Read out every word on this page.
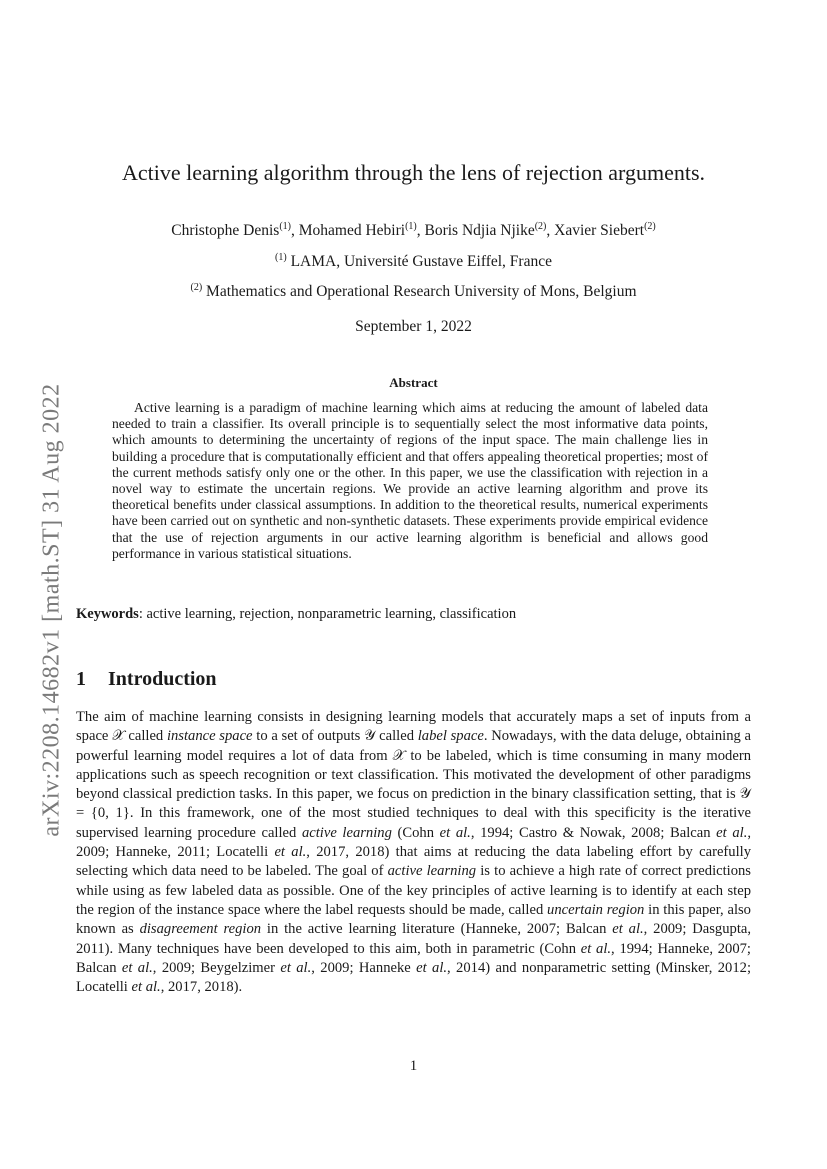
arXiv:2208.14682v1 [math.ST] 31 Aug 2022
Active learning algorithm through the lens of rejection arguments.
Christophe Denis$^{(1)}$, Mohamed Hebiri$^{(1)}$, Boris Ndjia Njike$^{(2)}$, Xavier Siebert$^{(2)}$
$^{(1)}$ LAMA, Université Gustave Eiffel, France
$^{(2)}$ Mathematics and Operational Research University of Mons, Belgium
September 1, 2022
Abstract
Active learning is a paradigm of machine learning which aims at reducing the amount of labeled data needed to train a classifier. Its overall principle is to sequentially select the most informative data points, which amounts to determining the uncertainty of regions of the input space. The main challenge lies in building a procedure that is computationally efficient and that offers appealing theoretical properties; most of the current methods satisfy only one or the other. In this paper, we use the classification with rejection in a novel way to estimate the uncertain regions. We provide an active learning algorithm and prove its theoretical benefits under classical assumptions. In addition to the theoretical results, numerical experiments have been carried out on synthetic and non-synthetic datasets. These experiments provide empirical evidence that the use of rejection arguments in our active learning algorithm is beneficial and allows good performance in various statistical situations.
Keywords: active learning, rejection, nonparametric learning, classification
1 Introduction
The aim of machine learning consists in designing learning models that accurately maps a set of inputs from a space 𝒳 called instance space to a set of outputs 𝒴 called label space. Nowadays, with the data deluge, obtaining a powerful learning model requires a lot of data from 𝒳 to be labeled, which is time consuming in many modern applications such as speech recognition or text classification. This motivated the development of other paradigms beyond classical prediction tasks. In this paper, we focus on prediction in the binary classification setting, that is 𝒴 = {0, 1}. In this framework, one of the most studied techniques to deal with this specificity is the iterative supervised learning procedure called active learning (Cohn et al., 1994; Castro & Nowak, 2008; Balcan et al., 2009; Hanneke, 2011; Locatelli et al., 2017, 2018) that aims at reducing the data labeling effort by carefully selecting which data need to be labeled. The goal of active learning is to achieve a high rate of correct predictions while using as few labeled data as possible. One of the key principles of active learning is to identify at each step the region of the instance space where the label requests should be made, called uncertain region in this paper, also known as disagreement region in the active learning literature (Hanneke, 2007; Balcan et al., 2009; Dasgupta, 2011). Many techniques have been developed to this aim, both in parametric (Cohn et al., 1994; Hanneke, 2007; Balcan et al., 2009; Beygelzimer et al., 2009; Hanneke et al., 2014) and nonparametric setting (Minsker, 2012; Locatelli et al., 2017, 2018).
1
